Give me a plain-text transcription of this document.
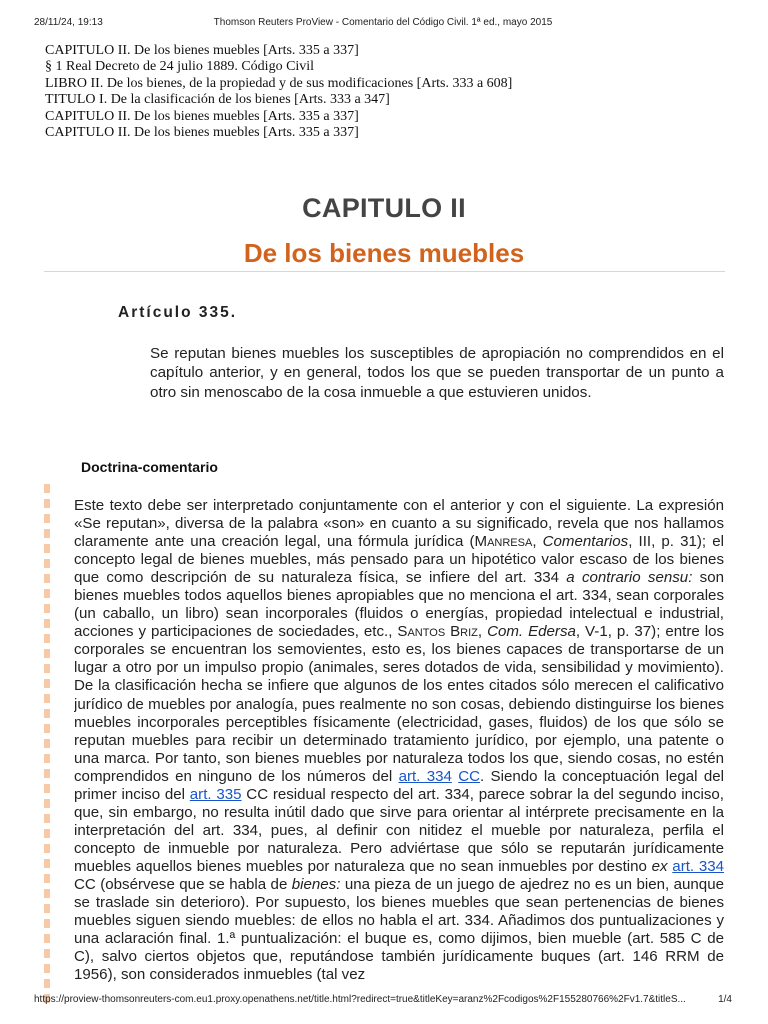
28/11/24, 19:13	Thomson Reuters ProView - Comentario del Código Civil. 1ª ed., mayo 2015
CAPITULO II. De los bienes muebles [Arts. 335 a 337]
§ 1 Real Decreto de 24 julio 1889. Código Civil
LIBRO II. De los bienes, de la propiedad y de sus modificaciones [Arts. 333 a 608]
TITULO I. De la clasificación de los bienes [Arts. 333 a 347]
CAPITULO II. De los bienes muebles [Arts. 335 a 337]
CAPITULO II. De los bienes muebles [Arts. 335 a 337]
CAPITULO II
De los bienes muebles
Artículo 335.
Se reputan bienes muebles los susceptibles de apropiación no comprendidos en el capítulo anterior, y en general, todos los que se pueden transportar de un punto a otro sin menoscabo de la cosa inmueble a que estuvieren unidos.
Doctrina-comentario
Este texto debe ser interpretado conjuntamente con el anterior y con el siguiente. La expresión «Se reputan», diversa de la palabra «son» en cuanto a su significado, revela que nos hallamos claramente ante una creación legal, una fórmula jurídica (Manresa, Comentarios, III, p. 31); el concepto legal de bienes muebles, más pensado para un hipotético valor escaso de los bienes que como descripción de su naturaleza física, se infiere del art. 334 a contrario sensu: son bienes muebles todos aquellos bienes apropiables que no menciona el art. 334, sean corporales (un caballo, un libro) sean incorporales (fluidos o energías, propiedad intelectual e industrial, acciones y participaciones de sociedades, etc., Santos Briz, Com. Edersa, V-1, p. 37); entre los corporales se encuentran los semovientes, esto es, los bienes capaces de transportarse de un lugar a otro por un impulso propio (animales, seres dotados de vida, sensibilidad y movimiento). De la clasificación hecha se infiere que algunos de los entes citados sólo merecen el calificativo jurídico de muebles por analogía, pues realmente no son cosas, debiendo distinguirse los bienes muebles incorporales perceptibles físicamente (electricidad, gases, fluidos) de los que sólo se reputan muebles para recibir un determinado tratamiento jurídico, por ejemplo, una patente o una marca. Por tanto, son bienes muebles por naturaleza todos los que, siendo cosas, no estén comprendidos en ninguno de los números del art. 334 CC. Siendo la conceptuación legal del primer inciso del art. 335 CC residual respecto del art. 334, parece sobrar la del segundo inciso, que, sin embargo, no resulta inútil dado que sirve para orientar al intérprete precisamente en la interpretación del art. 334, pues, al definir con nitidez el mueble por naturaleza, perfila el concepto de inmueble por naturaleza. Pero adviértase que sólo se reputarán jurídicamente muebles aquellos bienes muebles por naturaleza que no sean inmuebles por destino ex art. 334 CC (obsérvese que se habla de bienes: una pieza de un juego de ajedrez no es un bien, aunque se traslade sin deterioro). Por supuesto, los bienes muebles que sean pertenencias de bienes muebles siguen siendo muebles: de ellos no habla el art. 334. Añadimos dos puntualizaciones y una aclaración final. 1.ª puntualización: el buque es, como dijimos, bien mueble (art. 585 C de C), salvo ciertos objetos que, reputándose también jurídicamente buques (art. 146 RRM de 1956), son considerados inmuebles (tal vez
https://proview-thomsonreuters-com.eu1.proxy.openathens.net/title.html?redirect=true&titleKey=aranz%2Fcodigos%2F155280766%2Fv1.7&titleS...	1/4
